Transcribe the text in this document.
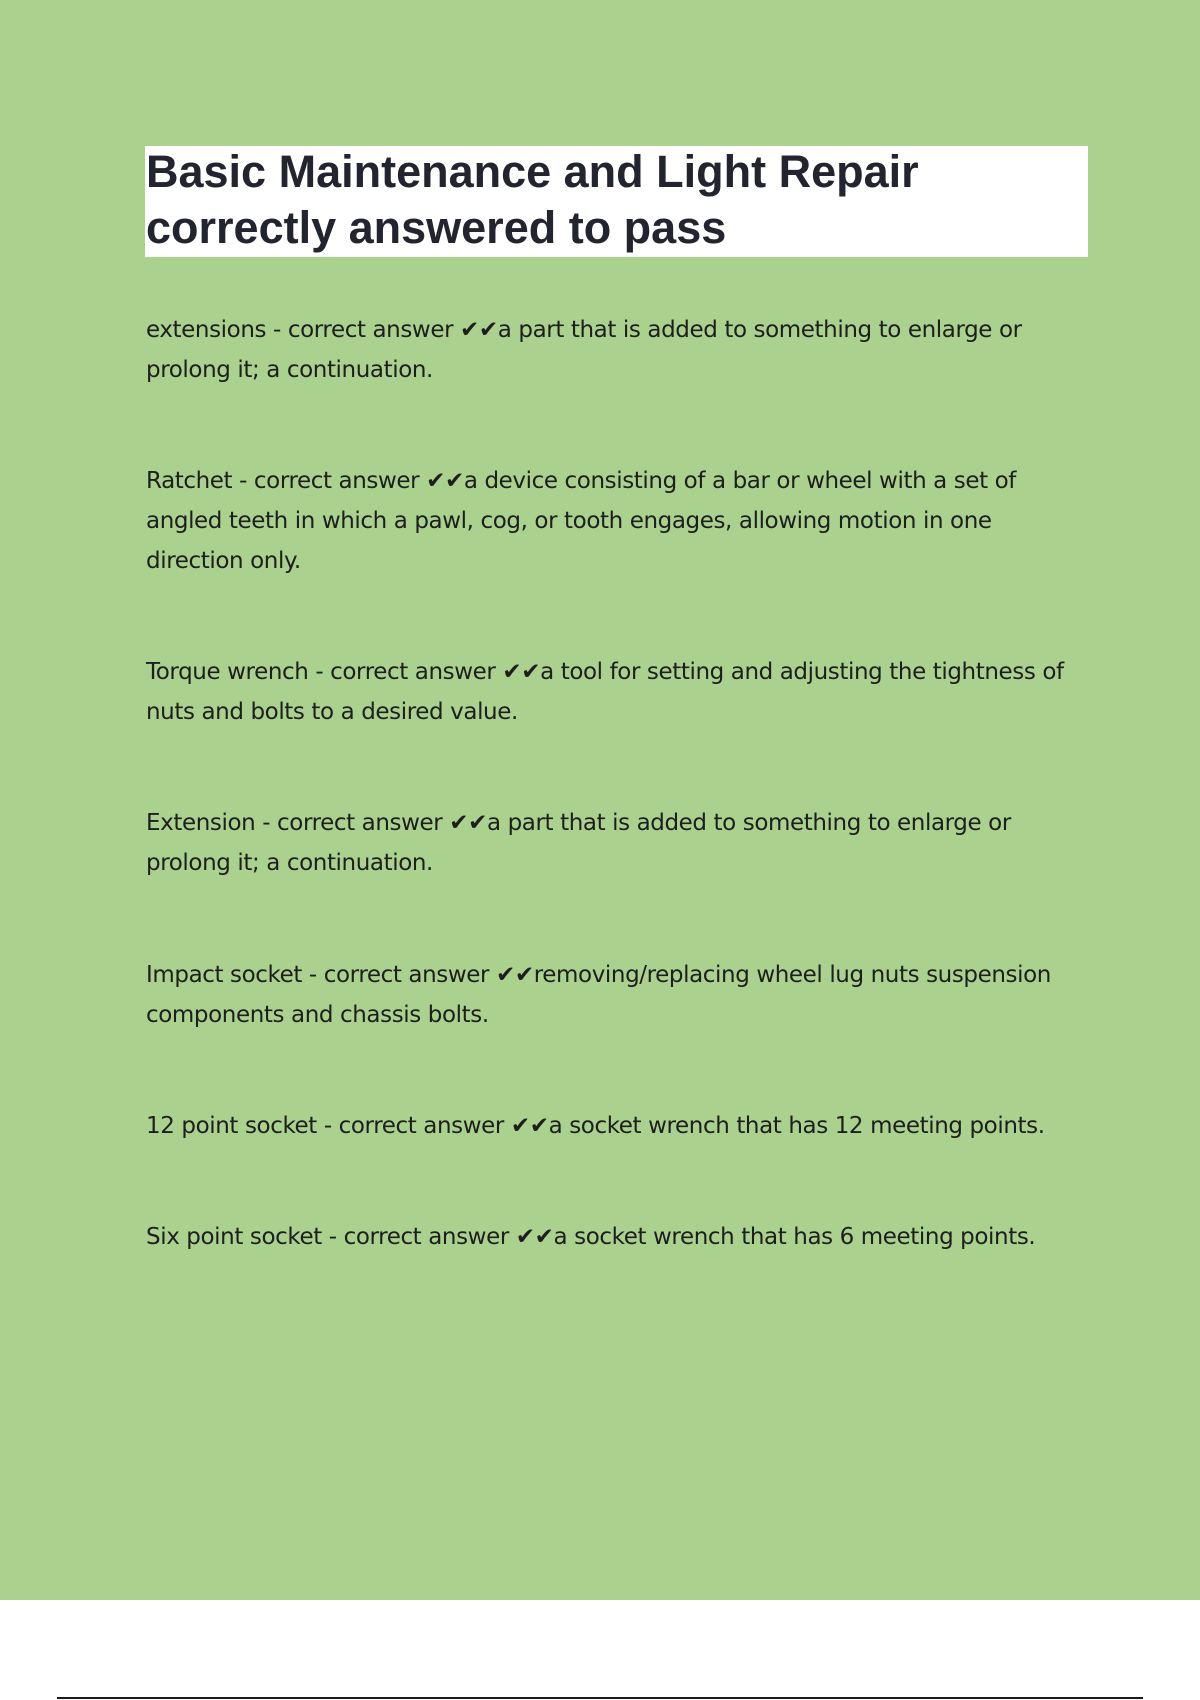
Basic Maintenance and Light Repair correctly answered to pass

extensions - correct answer ✔✔a part that is added to something to enlarge or prolong it; a continuation.

Ratchet - correct answer ✔✔a device consisting of a bar or wheel with a set of angled teeth in which a pawl, cog, or tooth engages, allowing motion in one direction only.

Torque wrench - correct answer ✔✔a tool for setting and adjusting the tightness of nuts and bolts to a desired value.

Extension - correct answer ✔✔a part that is added to something to enlarge or prolong it; a continuation.

Impact socket - correct answer ✔✔removing/replacing wheel lug nuts suspension components and chassis bolts.

12 point socket - correct answer ✔✔a socket wrench that has 12 meeting points.

Six point socket - correct answer ✔✔a socket wrench that has 6 meeting points.
